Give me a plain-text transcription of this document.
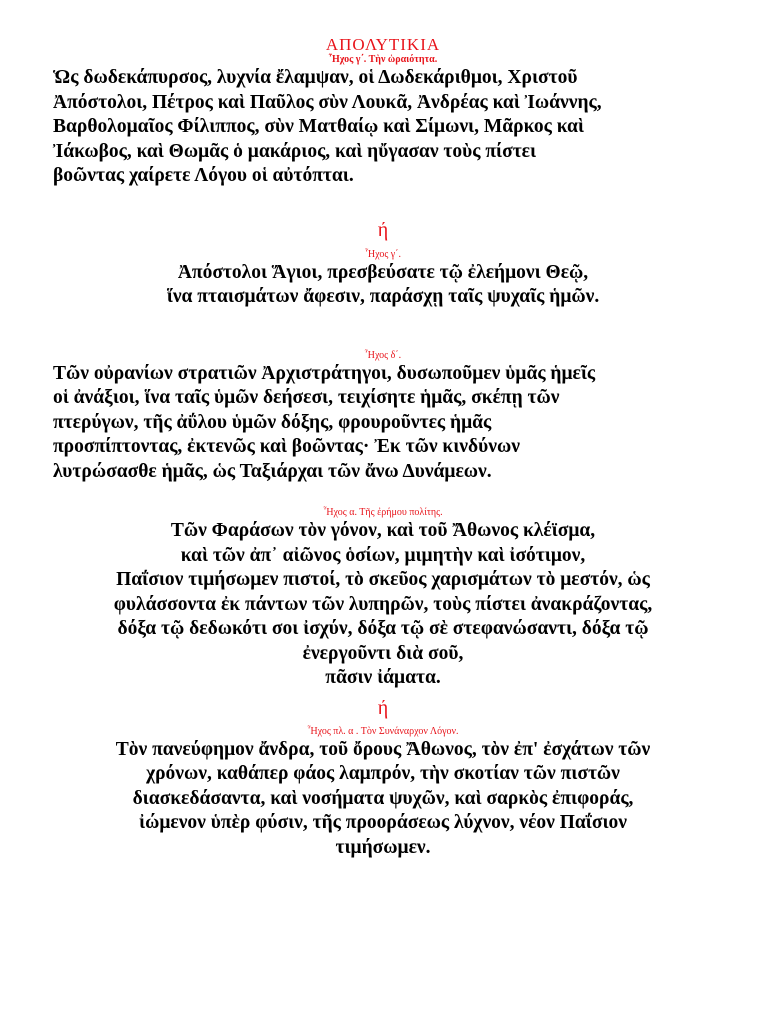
ΑΠΟΛΥΤΙΚΙΑ
Ἦχος γ΄. Τὴν ὡραιότητα.
Ὡς δωδεκάπυρσος, λυχνία ἔλαμψαν, οἱ Δωδεκάριθμοι, Χριστοῦ
Ἀπόστολοι, Πέτρος καὶ Παῦλος σὺν Λουκᾶ, Ἀνδρέας καὶ Ἰωάννης,
Βαρθολομαῖος Φίλιππος, σὺν Ματθαίῳ καὶ Σίμωνι, Μᾶρκος καὶ
Ἰάκωβος, καὶ Θωμᾶς ὁ μακάριος, καὶ ηὔγασαν τοὺς πίστει
βοῶντας χαίρετε Λόγου οἱ αὐτόπται.
ή
Ἦχος γ΄.
Ἀπόστολοι Ἅγιοι, πρεσβεύσατε τῷ ἐλεήμονι Θεῷ,
ἵνα πταισμάτων ἄφεσιν, παράσχῃ ταῖς ψυχαῖς ἡμῶν.
Ἦχος δ΄.
Τῶν οὐρανίων στρατιῶν Ἀρχιστράτηγοι, δυσωποῦμεν ὑμᾶς ἡμεῖς
οἱ ἀνάξιοι, ἵνα ταῖς ὑμῶν δεήσεσι, τειχίσητε ἡμᾶς, σκέπῃ τῶν
πτερύγων, τῆς ἀΰλου ὑμῶν δόξης, φρουροῦντες ἡμᾶς
προσπίπτοντας, ἐκτενῶς καὶ βοῶντας· Ἐκ τῶν κινδύνων
λυτρώσασθε ἡμᾶς, ὡς Ταξιάρχαι τῶν ἄνω Δυνάμεων.
Ἦχος α. Τῆς ἐρήμου πολίτης.
Τῶν Φαράσων τὸν γόνον, καὶ τοῦ Ἄθωνος κλέϊσμα,
καὶ τῶν ἀπ᾽ αἰῶνος ὁσίων, μιμητὴν καὶ ἰσότιμον,
Παΐσιον τιμήσωμεν πιστοί, τὸ σκεῦος χαρισμάτων τὸ μεστόν, ὡς
φυλάσσοντα ἐκ πάντων τῶν λυπηρῶν, τοὺς πίστει ἀνακράζοντας,
δόξα τῷ δεδωκότι σοι ἰσχύν, δόξα τῷ σὲ στεφανώσαντι, δόξα τῷ
ἐνεργοῦντι διὰ σοῦ,
πᾶσιν ἰάματα.
ή
Ἦχος πλ. α . Τὸν Συνάναρχον Λόγον.
Τὸν πανεύφημον ἄνδρα, τοῦ ὄρους Ἄθωνος, τὸν ἐπ' ἐσχάτων τῶν
χρόνων, καθάπερ φάος λαμπρόν, τὴν σκοτίαν τῶν πιστῶν
διασκεδάσαντα, καὶ νοσήματα ψυχῶν, καὶ σαρκὸς ἐπιφοράς,
ἰώμενον ὑπὲρ φύσιν, τῆς προοράσεως λύχνον, νέον Παΐσιον
τιμήσωμεν.
